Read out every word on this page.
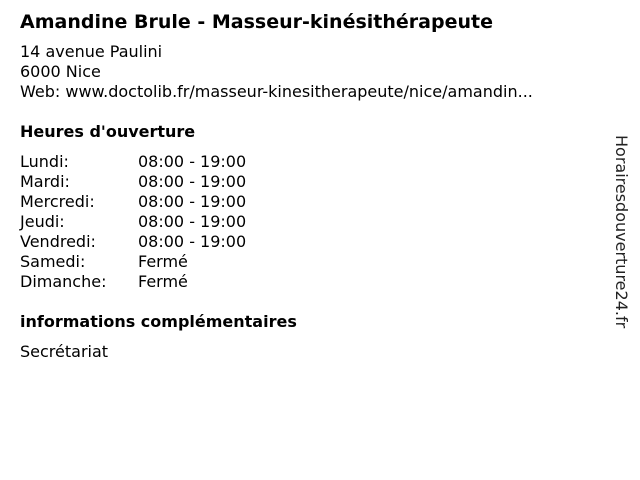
Amandine Brule - Masseur-kinésithérapeute
14 avenue Paulini
6000 Nice
Web: www.doctolib.fr/masseur-kinesitherapeute/nice/amandin...
Heures d'ouverture
Lundi:	08:00 - 19:00
Mardi:	08:00 - 19:00
Mercredi:	08:00 - 19:00
Jeudi:	08:00 - 19:00
Vendredi:	08:00 - 19:00
Samedi:	Fermé
Dimanche:	Fermé
informations complémentaires
Secrétariat
Horairesdouverture24.fr
